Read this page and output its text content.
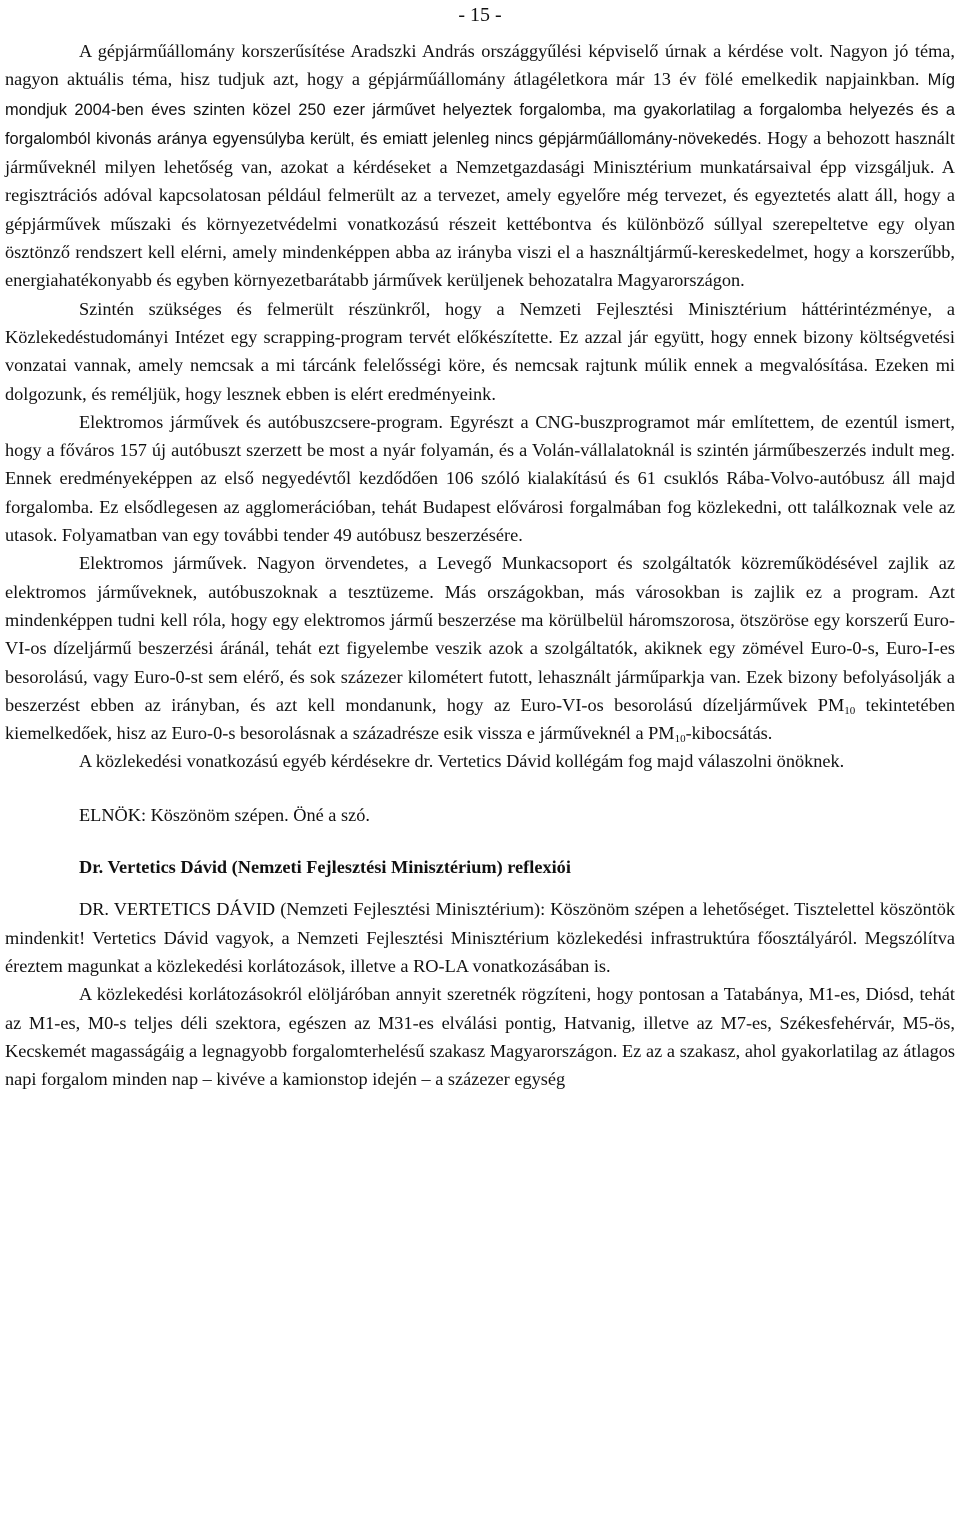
- 15 -

A gépjárműállomány korszerűsítése Aradszki András országgyűlési képviselő úrnak a kérdése volt. Nagyon jó téma, nagyon aktuális téma, hisz tudjuk azt, hogy a gépjárműállomány átlagéletkora már 13 év fölé emelkedik napjainkban. Míg mondjuk 2004-ben éves szinten közel 250 ezer járművet helyeztek forgalomba, ma gyakorlatilag a forgalomba helyezés és a forgalomból kivonás aránya egyensúlyba került, és emiatt jelenleg nincs gépjárműállomány-növekedés. Hogy a behozott használt járműveknél milyen lehetőség van, azokat a kérdéseket a Nemzetgazdasági Minisztérium munkatársaival épp vizsgáljuk. A regisztrációs adóval kapcsolatosan például felmerült az a tervezet, amely egyelőre még tervezet, és egyeztetés alatt áll, hogy a gépjárművek műszaki és környezetvédelmi vonatkozású részeit kettébontva és különböző súllyal szerepeltetve egy olyan ösztönző rendszert kell elérni, amely mindenképpen abba az irányba viszi el a használtjármű-kereskedelmet, hogy a korszerűbb, energiahatékonyabb és egyben környezetbarátabb járművek kerüljenek behozatalra Magyarországon.

Szintén szükséges és felmerült részünkről, hogy a Nemzeti Fejlesztési Minisztérium háttérintézménye, a Közlekedéstudományi Intézet egy scrapping-program tervét előkészítette. Ez azzal jár együtt, hogy ennek bizony költségvetési vonzatai vannak, amely nemcsak a mi tárcánk felelősségi köre, és nemcsak rajtunk múlik ennek a megvalósítása. Ezeken mi dolgozunk, és reméljük, hogy lesznek ebben is elért eredményeink.

Elektromos járművek és autóbuszcsere-program. Egyrészt a CNG-buszprogramot már említettem, de ezentúl ismert, hogy a főváros 157 új autóbuszt szerzett be most a nyár folyamán, és a Volán-vállalatoknál is szintén járműbeszerzés indult meg. Ennek eredményeképpen az első negyedévtől kezdődően 106 szóló kialakítású és 61 csuklós Rába-Volvo-autóbusz áll majd forgalomba. Ez elsődlegesen az agglomerációban, tehát Budapest elővárosi forgalmában fog közlekedni, ott találkoznak vele az utasok. Folyamatban van egy további tender 49 autóbusz beszerzésére.

Elektromos járművek. Nagyon örvendetes, a Levegő Munkacsoport és szolgáltatók közreműködésével zajlik az elektromos járműveknek, autóbuszoknak a tesztüzeme. Más országokban, más városokban is zajlik ez a program. Azt mindenképpen tudni kell róla, hogy egy elektromos jármű beszerzése ma körülbelül háromszorosa, ötszöröse egy korszerű Euro-VI-os dízeljármű beszerzési áránál, tehát ezt figyelembe veszik azok a szolgáltatók, akiknek egy zömével Euro-0-s, Euro-I-es besorolású, vagy Euro-0-st sem elérő, és sok százezer kilométert futott, lehasznált járműparkja van. Ezek bizony befolyásolják a beszerzést ebben az irányban, és azt kell mondanunk, hogy az Euro-VI-os besorolású dízeljárművek $PM_{10}$ tekintetében kiemelkedőek, hisz az Euro-0-s besorolásnak a századrésze esik vissza e járműveknél a $PM_{10}$-kibocsátás.

A közlekedési vonatkozású egyéb kérdésekre dr. Vertetics Dávid kollégám fog majd válaszolni önöknek.

ELNÖK: Köszönöm szépen. Öné a szó.

Dr. Vertetics Dávid (Nemzeti Fejlesztési Minisztérium) reflexiói

DR. VERTETICS DÁVID (Nemzeti Fejlesztési Minisztérium): Köszönöm szépen a lehetőséget. Tisztelettel köszöntök mindenkit! Vertetics Dávid vagyok, a Nemzeti Fejlesztési Minisztérium közlekedési infrastruktúra főosztályáról. Megszólítva éreztem magunkat a közlekedési korlátozások, illetve a RO-LA vonatkozásában is.

A közlekedési korlátozásokról elöljáróban annyit szeretnék rögzíteni, hogy pontosan a Tatabánya, M1-es, Diósd, tehát az M1-es, M0-s teljes déli szektora, egészen az M31-es elválási pontig, Hatvanig, illetve az M7-es, Székesfehérvár, M5-ös, Kecskemét magasságáig a legnagyobb forgalomterhelésű szakasz Magyarországon. Ez az a szakasz, ahol gyakorlatilag az átlagos napi forgalom minden nap – kivéve a kamionstop idején – a százezer egység
